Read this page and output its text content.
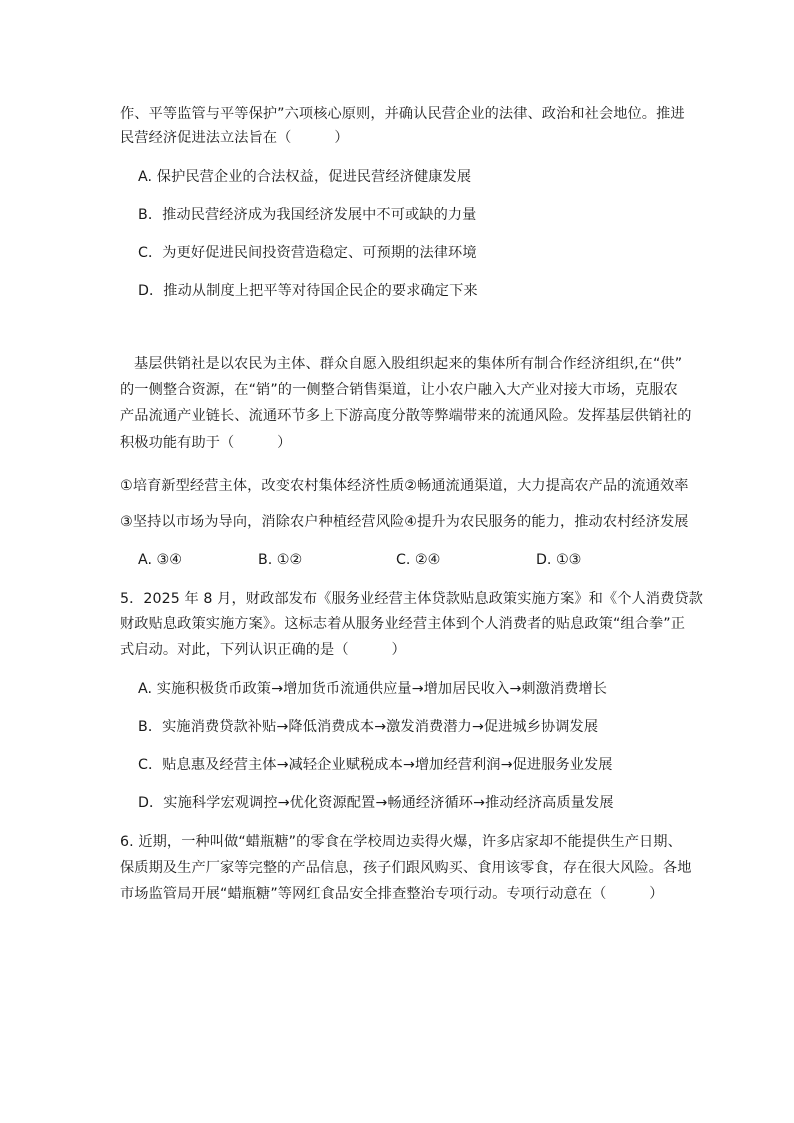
作、平等监管与平等保护”六项核心原则，并确认民营企业的法律、政治和社会地位。推进
民营经济促进法立法旨在（　　　）
A. 保护民营企业的合法权益，促进民营经济健康发展
B．推动民营经济成为我国经济发展中不可或缺的力量
C．为更好促进民间投资营造稳定、可预期的法律环境
D．推动从制度上把平等对待国企民企的要求确定下来
基层供销社是以农民为主体、群众自愿入股组织起来的集体所有制合作经济组织,在“供”
的一侧整合资源，在“销”的一侧整合销售渠道，让小农户融入大产业对接大市场，克服农
产品流通产业链长、流通环节多上下游高度分散等弊端带来的流通风险。发挥基层供销社的
积极功能有助于（　　　）
①培育新型经营主体，改变农村集体经济性质②畅通流通渠道，大力提高农产品的流通效率
③坚持以市场为导向，消除农户种植经营风险④提升为农民服务的能力，推动农村经济发展
A. ③④	B. ①②	C. ②④	D. ①③
5．2025 年 8 月，财政部发布《服务业经营主体贷款贴息政策实施方案》和《个人消费贷款
财政贴息政策实施方案》。这标志着从服务业经营主体到个人消费者的贴息政策“组合拳”正
式启动。对此，下列认识正确的是（　　　）
A. 实施积极货币政策→增加货币流通供应量→增加居民收入→刺激消费增长
B．实施消费贷款补贴→降低消费成本→激发消费潜力→促进城乡协调发展
C．贴息惠及经营主体→减轻企业赋税成本→增加经营利润→促进服务业发展
D．实施科学宏观调控→优化资源配置→畅通经济循环→推动经济高质量发展
6. 近期，一种叫做“蜡瓶糖”的零食在学校周边卖得火爆，许多店家却不能提供生产日期、
保质期及生产厂家等完整的产品信息，孩子们跟风购买、食用该零食，存在很大风险。各地
市场监管局开展“蜡瓶糖”等网红食品安全排查整治专项行动。专项行动意在（　　　）
